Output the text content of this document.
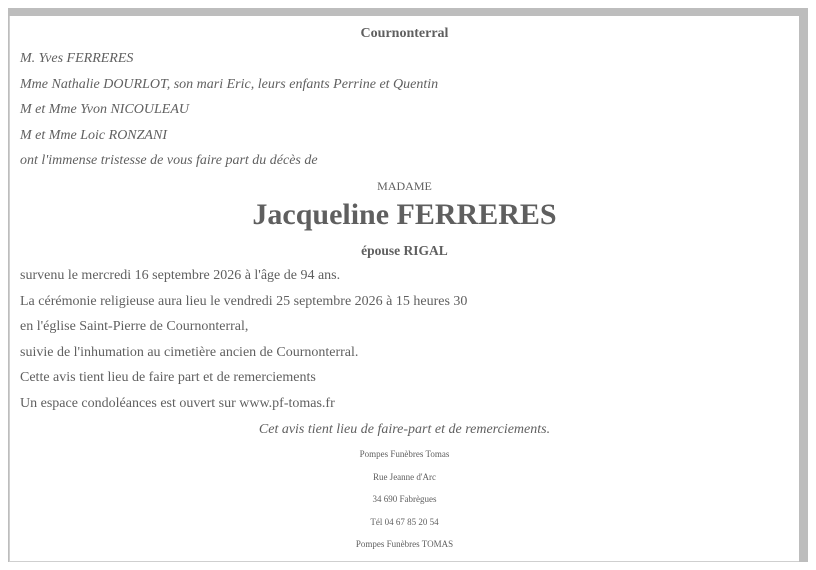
Cournonterral
M. Yves FERRERES
Mme Nathalie DOURLOT, son mari Eric, leurs enfants Perrine et Quentin
M et Mme Yvon NICOULEAU
M et Mme Loic RONZANI
ont l'immense tristesse de vous faire part du décès de
MADAME
Jacqueline FERRERES
épouse RIGAL
survenu le mercredi 16 septembre 2026 à l'âge de 94 ans.
La cérémonie religieuse aura lieu le vendredi 25 septembre 2026 à 15 heures 30
en l'église Saint-Pierre de Cournonterral,
suivie de l'inhumation au cimetière ancien de Cournonterral.
Cette avis tient lieu de faire part et de remerciements
Un espace condoléances est ouvert sur www.pf-tomas.fr
Cet avis tient lieu de faire-part et de remerciements.
Pompes Funèbres Tomas
Rue Jeanne d'Arc
34 690 Fabrègues
Tél 04 67 85 20 54
Pompes Funèbres TOMAS
